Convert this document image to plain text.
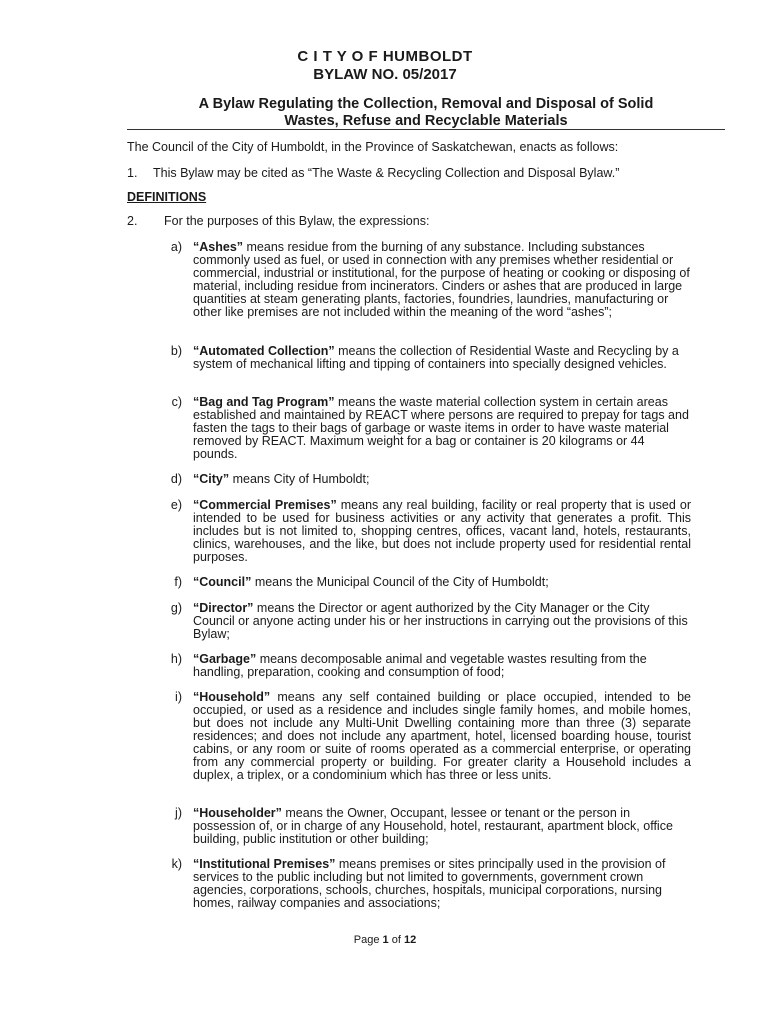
C I T Y O F HUMBOLDT
BYLAW NO. 05/2017
A Bylaw Regulating the Collection, Removal and Disposal of Solid
Wastes, Refuse and Recyclable Materials
The Council of the City of Humboldt, in the Province of Saskatchewan, enacts as follows:
1. This Bylaw may be cited as “The Waste & Recycling Collection and Disposal Bylaw.”
DEFINITIONS
2. For the purposes of this Bylaw, the expressions:
a) “Ashes” means residue from the burning of any substance. Including substances commonly used as fuel, or used in connection with any premises whether residential or commercial, industrial or institutional, for the purpose of heating or cooking or disposing of material, including residue from incinerators. Cinders or ashes that are produced in large quantities at steam generating plants, factories, foundries, laundries, manufacturing or other like premises are not included within the meaning of the word “ashes”;
b) “Automated Collection” means the collection of Residential Waste and Recycling by a system of mechanical lifting and tipping of containers into specially designed vehicles.
c) “Bag and Tag Program” means the waste material collection system in certain areas established and maintained by REACT where persons are required to prepay for tags and fasten the tags to their bags of garbage or waste items in order to have waste material removed by REACT. Maximum weight for a bag or container is 20 kilograms or 44 pounds.
d) “City” means City of Humboldt;
e) “Commercial Premises” means any real building, facility or real property that is used or intended to be used for business activities or any activity that generates a profit. This includes but is not limited to, shopping centres, offices, vacant land, hotels, restaurants, clinics, warehouses, and the like, but does not include property used for residential rental purposes.
f) “Council” means the Municipal Council of the City of Humboldt;
g) “Director” means the Director or agent authorized by the City Manager or the City Council or anyone acting under his or her instructions in carrying out the provisions of this Bylaw;
h) “Garbage” means decomposable animal and vegetable wastes resulting from the handling, preparation, cooking and consumption of food;
i) “Household” means any self contained building or place occupied, intended to be occupied, or used as a residence and includes single family homes, and mobile homes, but does not include any Multi-Unit Dwelling containing more than three (3) separate residences; and does not include any apartment, hotel, licensed boarding house, tourist cabins, or any room or suite of rooms operated as a commercial enterprise, or operating from any commercial property or building. For greater clarity a Household includes a duplex, a triplex, or a condominium which has three or less units.
j) “Householder” means the Owner, Occupant, lessee or tenant or the person in possession of, or in charge of any Household, hotel, restaurant, apartment block, office building, public institution or other building;
k) “Institutional Premises” means premises or sites principally used in the provision of services to the public including but not limited to governments, government crown agencies, corporations, schools, churches, hospitals, municipal corporations, nursing homes, railway companies and associations;
Page 1 of 12
